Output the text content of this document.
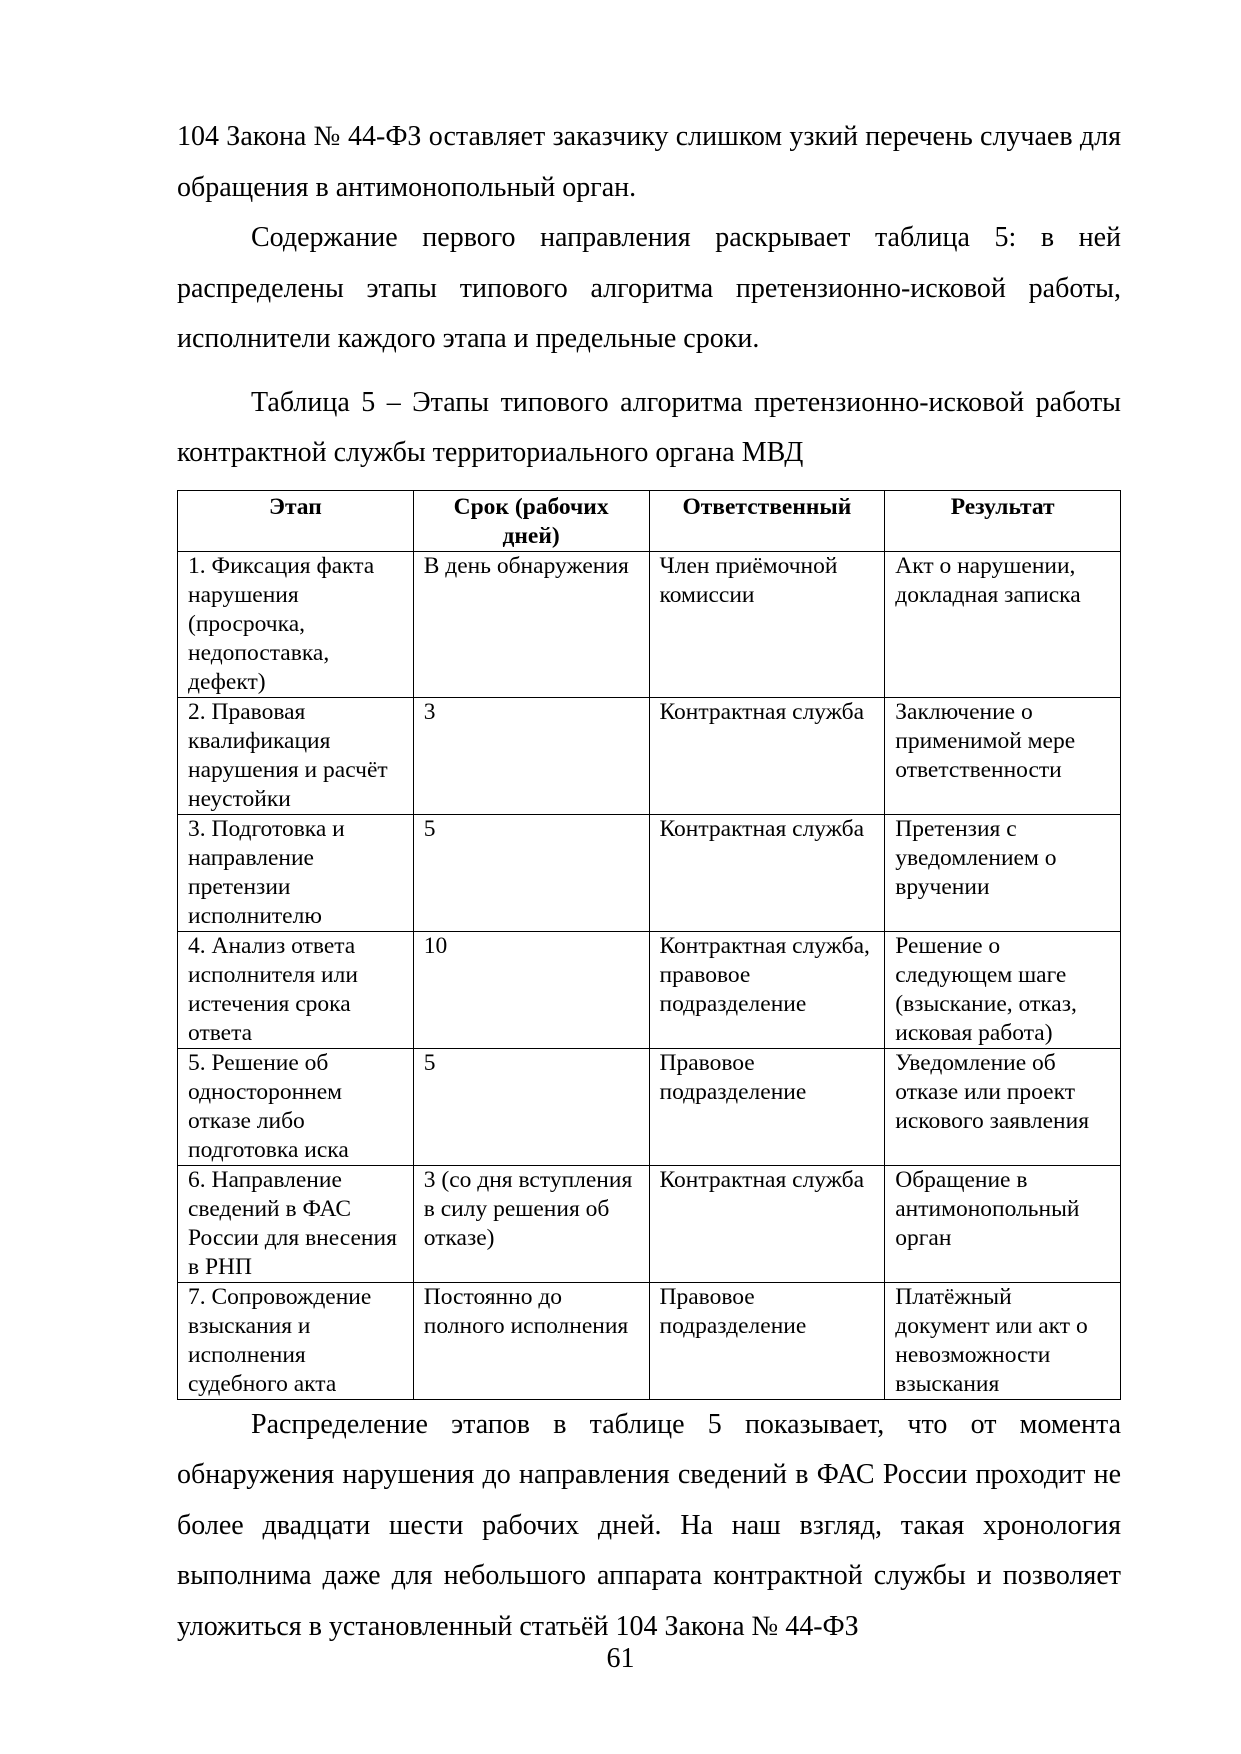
104 Закона № 44-ФЗ оставляет заказчику слишком узкий перечень случаев для обращения в антимонопольный орган.

Содержание первого направления раскрывает таблица 5: в ней распределены этапы типового алгоритма претензионно-исковой работы, исполнители каждого этапа и предельные сроки.

Таблица 5 – Этапы типового алгоритма претензионно-исковой работы контрактной службы территориального органа МВД

Этап	Срок (рабочих дней)	Ответственный	Результат
1. Фиксация факта нарушения (просрочка, недопоставка, дефект)	В день обнаружения	Член приёмочной комиссии	Акт о нарушении, докладная записка
2. Правовая квалификация нарушения и расчёт неустойки	3	Контрактная служба	Заключение о применимой мере ответственности
3. Подготовка и направление претензии исполнителю	5	Контрактная служба	Претензия с уведомлением о вручении
4. Анализ ответа исполнителя или истечения срока ответа	10	Контрактная служба, правовое подразделение	Решение о следующем шаге (взыскание, отказ, исковая работа)
5. Решение об одностороннем отказе либо подготовка иска	5	Правовое подразделение	Уведомление об отказе или проект искового заявления
6. Направление сведений в ФАС России для внесения в РНП	3 (со дня вступления в силу решения об отказе)	Контрактная служба	Обращение в антимонопольный орган
7. Сопровождение взыскания и исполнения судебного акта	Постоянно до полного исполнения	Правовое подразделение	Платёжный документ или акт о невозможности взыскания

Распределение этапов в таблице 5 показывает, что от момента обнаружения нарушения до направления сведений в ФАС России проходит не более двадцати шести рабочих дней. На наш взгляд, такая хронология выполнима даже для небольшого аппарата контрактной службы и позволяет уложиться в установленный статьёй 104 Закона № 44-ФЗ

61
